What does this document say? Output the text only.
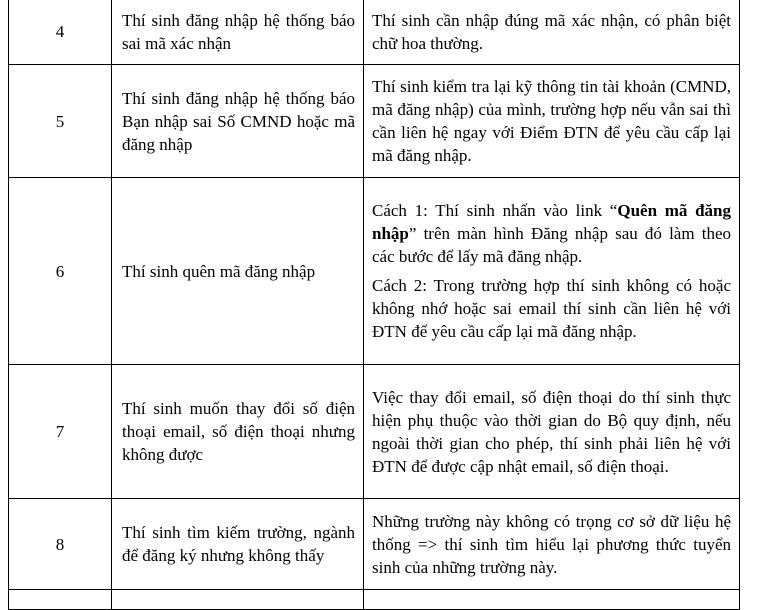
4	Thí sinh đăng nhập hệ thống báo sai mã xác nhận	Thí sinh cần nhập đúng mã xác nhận, có phân biệt chữ hoa thường.
5	Thí sinh đăng nhập hệ thống báo Bạn nhập sai Số CMND hoặc mã đăng nhập	Thí sinh kiểm tra lại kỹ thông tin tài khoản (CMND, mã đăng nhập) của mình, trường hợp nếu vẫn sai thì cần liên hệ ngay với Điểm ĐTN để yêu cầu cấp lại mã đăng nhập.
6	Thí sinh quên mã đăng nhập	Cách 1: Thí sinh nhấn vào link “Quên mã đăng nhập” trên màn hình Đăng nhập sau đó làm theo các bước để lấy mã đăng nhập.

Cách 2: Trong trường hợp thí sinh không có hoặc không nhớ hoặc sai email thí sinh cần liên hệ với ĐTN để yêu cầu cấp lại mã đăng nhập.

7	Thí sinh muốn thay đổi số điện thoại email, số điện thoại nhưng không được	Việc thay đổi email, số điện thoại do thí sinh thực hiện phụ thuộc vào thời gian do Bộ quy định, nếu ngoài thời gian cho phép, thí sinh phải liên hệ với ĐTN để được cập nhật email, số điện thoại.
8	Thí sinh tìm kiếm trường, ngành để đăng ký nhưng không thấy	Những trường này không có trọng cơ sở dữ liệu hệ thống => thí sinh tìm hiểu lại phương thức tuyển sinh của những trường này.
